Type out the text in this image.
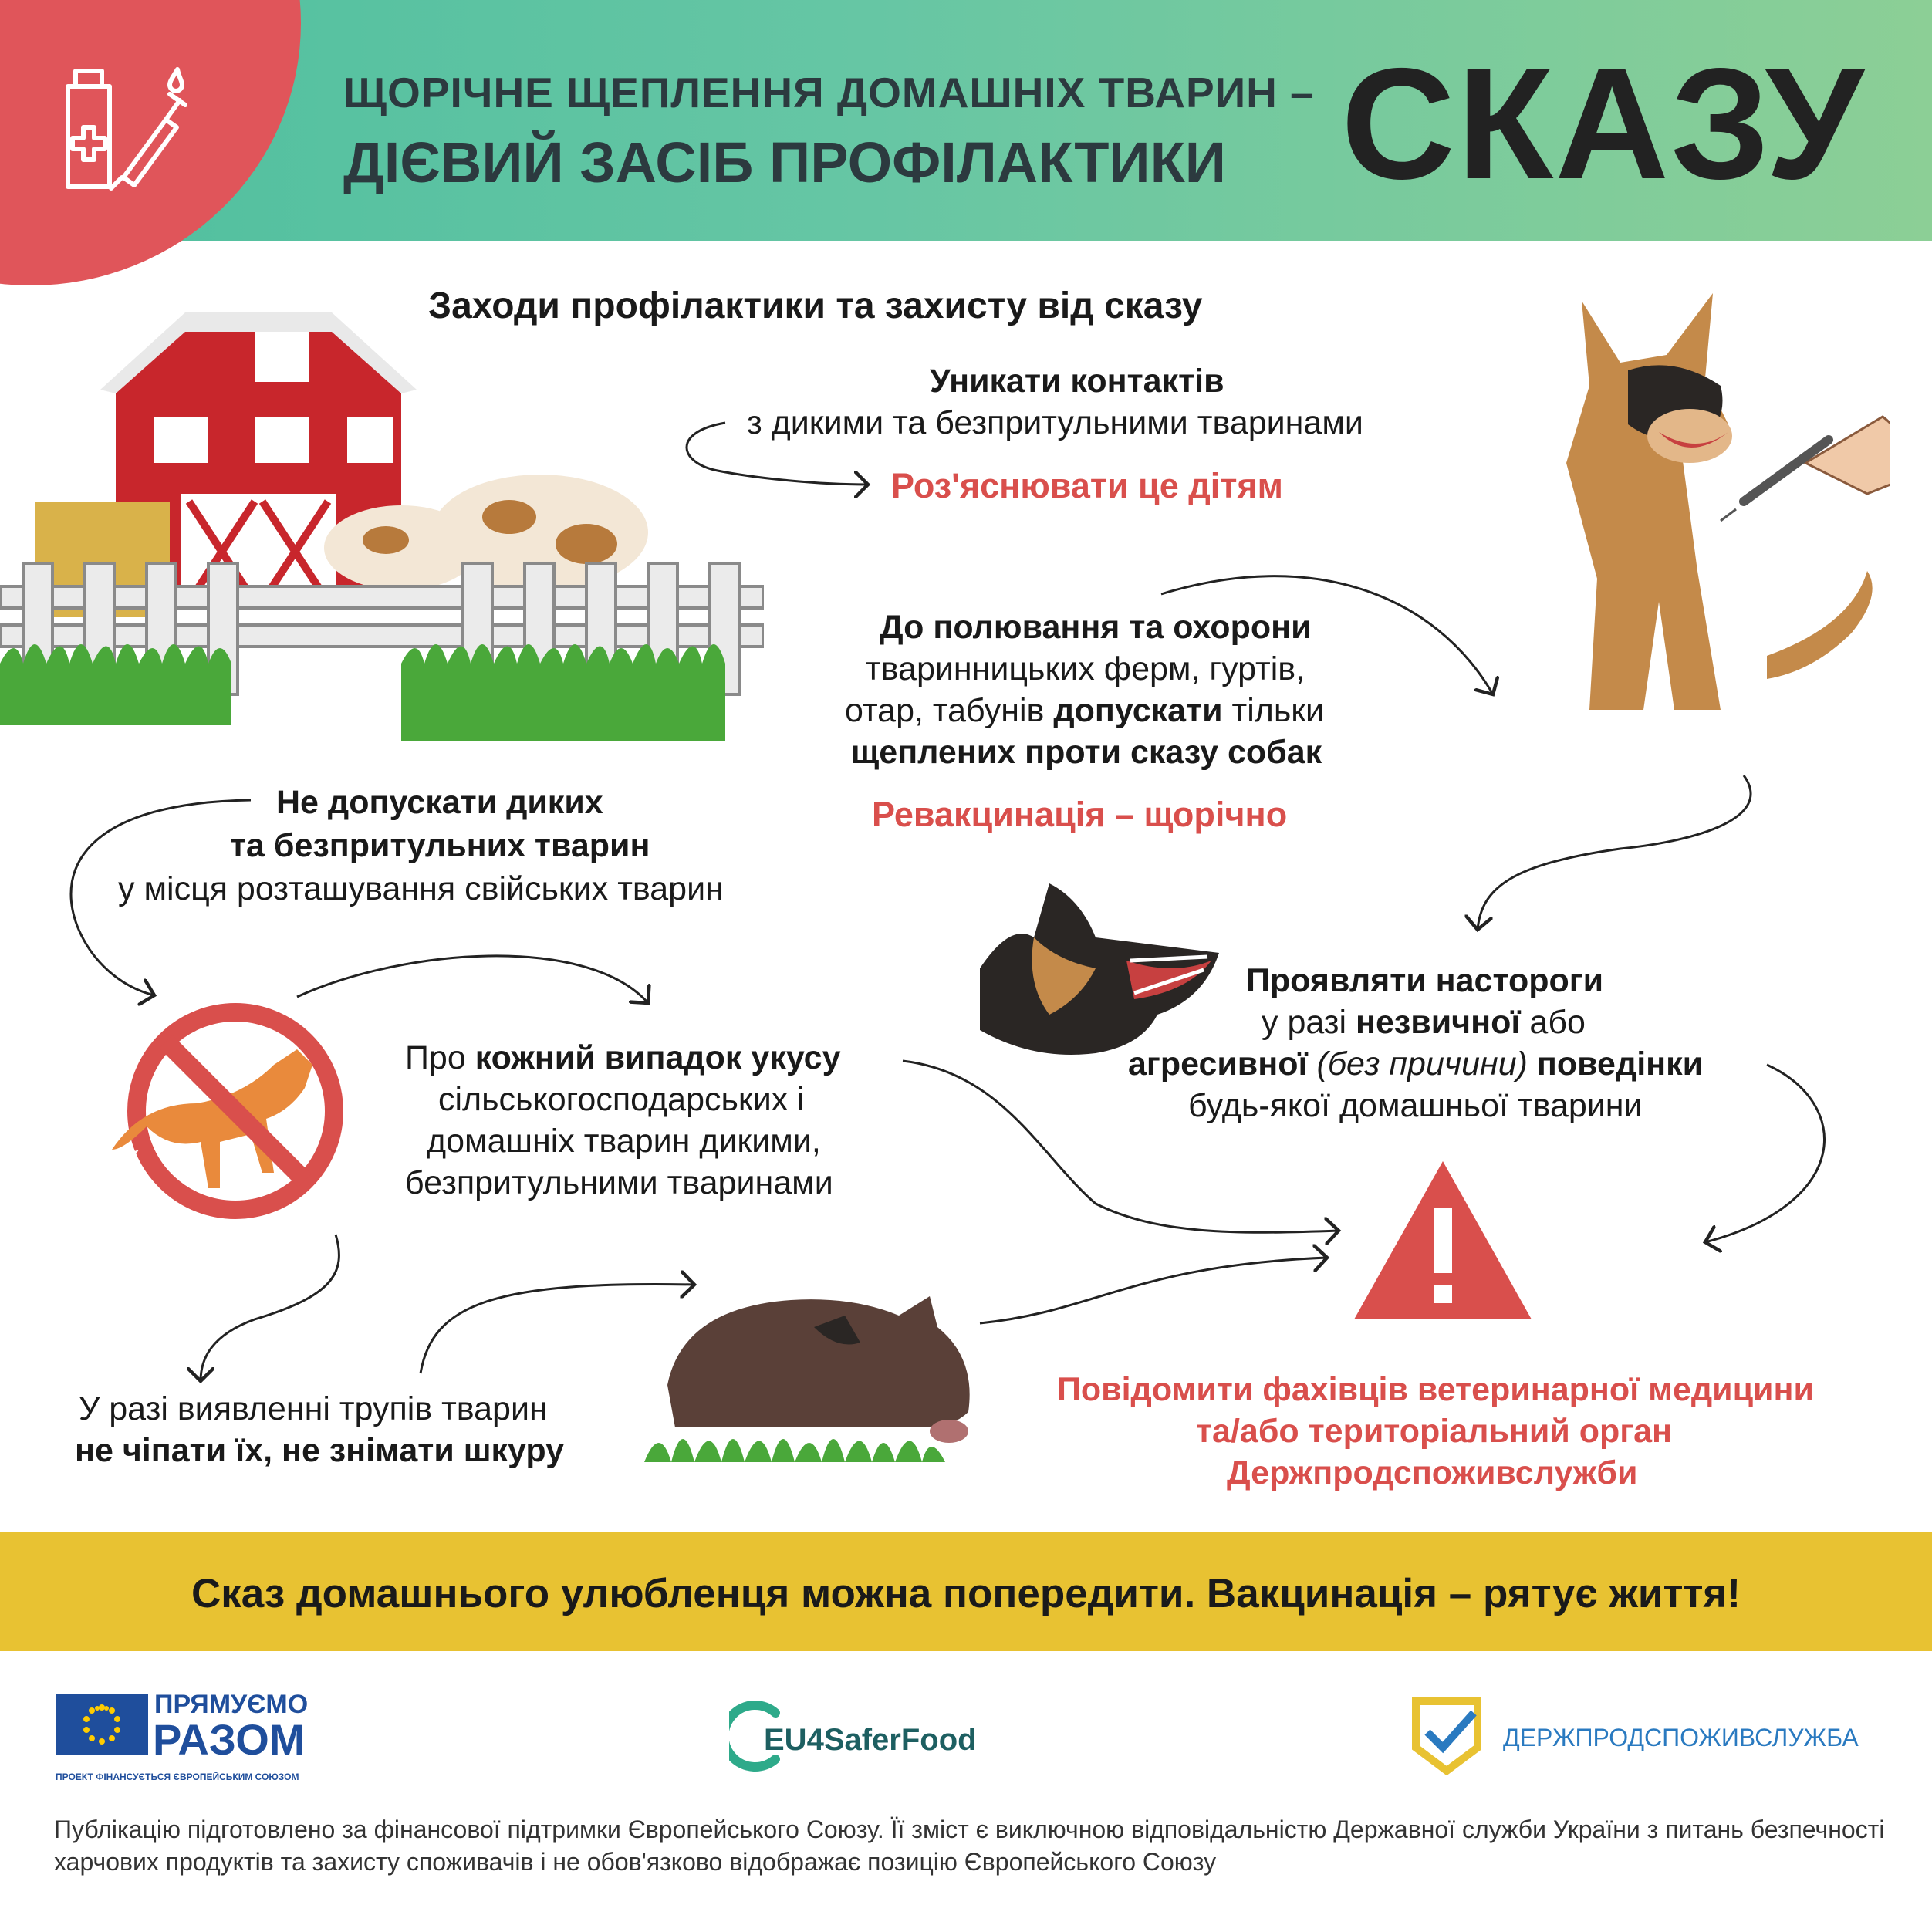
ЩОРІЧНЕ ЩЕПЛЕННЯ ДОМАШНІХ ТВАРИН –
ДІЄВИЙ ЗАСІБ ПРОФІЛАКТИКИ СКАЗУ
Заходи профілактики та захисту від сказу
Уникати контактів
з дикими та безпритульними тваринами
Роз'яснювати це дітям
До полювання та охорони
тваринницьких ферм, гуртів,
отар, табунів допускати тільки
щеплених проти сказу собак
Ревакцинація – щорічно
Не допускати диких
та безпритульних тварин
у місця розташування свійських тварин
Проявляти настороги
у разі незвичної або
агресивної (без причини) поведінки
будь-якої домашньої тварини
Про кожний випадок укусу
сільськогосподарських і
домашніх тварин дикими,
безпритульними тваринами
У разі виявленні трупів тварин
не чіпати їх, не знімати шкуру
Повідомити фахівців ветеринарної медицини
та/або територіальний орган
Держпродспоживслужби
Сказ домашнього улюбленця можна попередити. Вакцинація – рятує життя!
ПРЯМУЄМО
РАЗОМ
ПРОЕКТ ФІНАНСУЄТЬСЯ ЄВРОПЕЙСЬКИМ СОЮЗОМ
EU4SaferFood	ДЕРЖПРОДСПОЖИВСЛУЖБА
Публікацію підготовлено за фінансової підтримки Європейського Союзу. Її зміст є виключною відповідальністю Державної служби України з питань безпечності харчових продуктів та захисту споживачів і не обов'язково відображає позицію Європейського Союзу
